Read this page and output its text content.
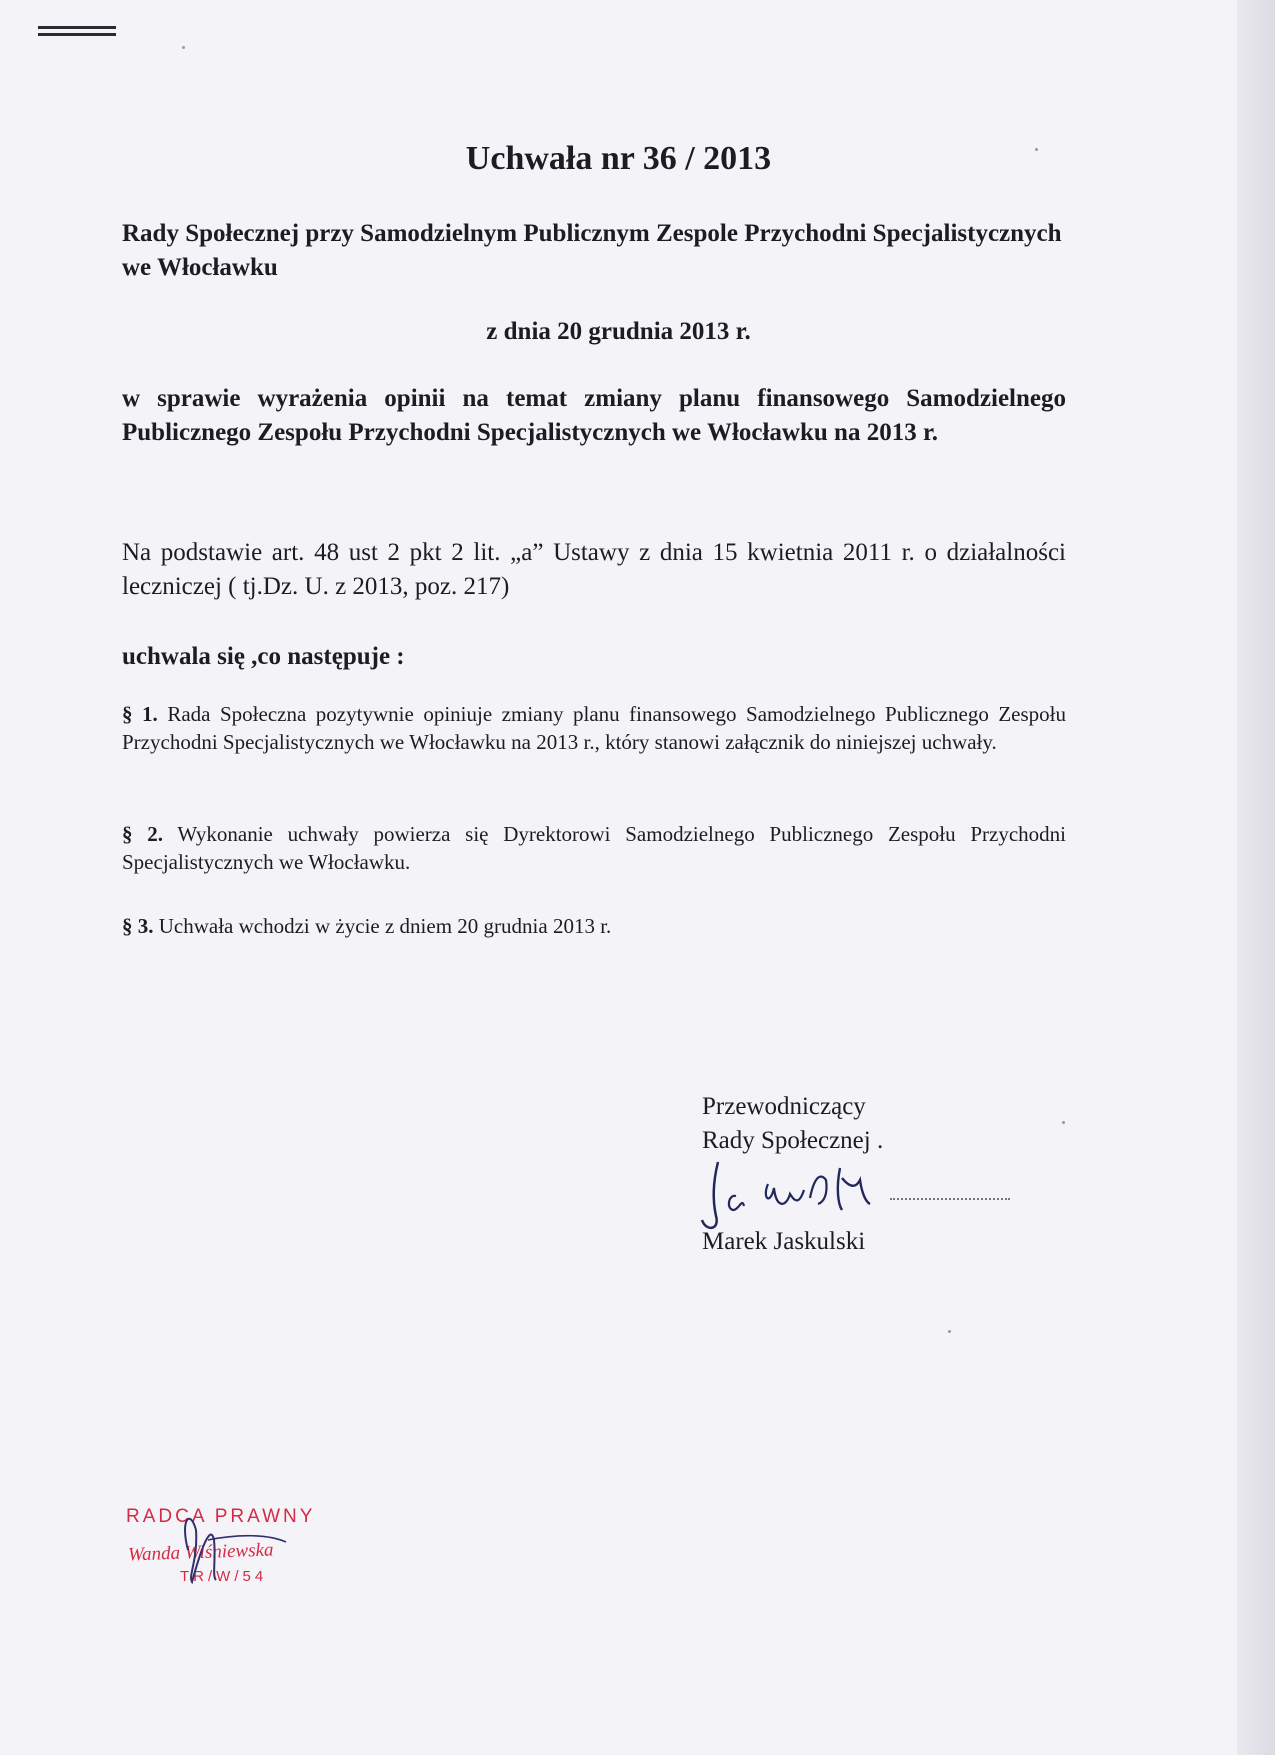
Uchwała nr 36 / 2013

Rady Społecznej przy Samodzielnym Publicznym Zespole Przychodni Specjalistycznych we Włocławku

z dnia 20 grudnia 2013 r.

w sprawie wyrażenia opinii na temat zmiany planu finansowego Samodzielnego Publicznego Zespołu Przychodni Specjalistycznych we Włocławku na 2013 r.

Na podstawie art. 48 ust 2 pkt 2 lit. „a” Ustawy z dnia 15 kwietnia 2011 r. o działalności leczniczej ( tj.Dz. U. z 2013, poz. 217)

uchwala się ,co następuje :

§ 1. Rada Społeczna pozytywnie opiniuje zmiany planu finansowego Samodzielnego Publicznego Zespołu Przychodni Specjalistycznych we Włocławku na 2013 r., który stanowi załącznik do niniejszej uchwały.

§ 2. Wykonanie uchwały powierza się Dyrektorowi Samodzielnego Publicznego Zespołu Przychodni Specjalistycznych we Włocławku.

§ 3. Uchwała wchodzi w życie z dniem 20 grudnia 2013 r.

Przewodniczący
Rady Społecznej .
Marek Jaskulski
RADCA PRAWNY
Wanda Wiśniewska
TR/W/54
